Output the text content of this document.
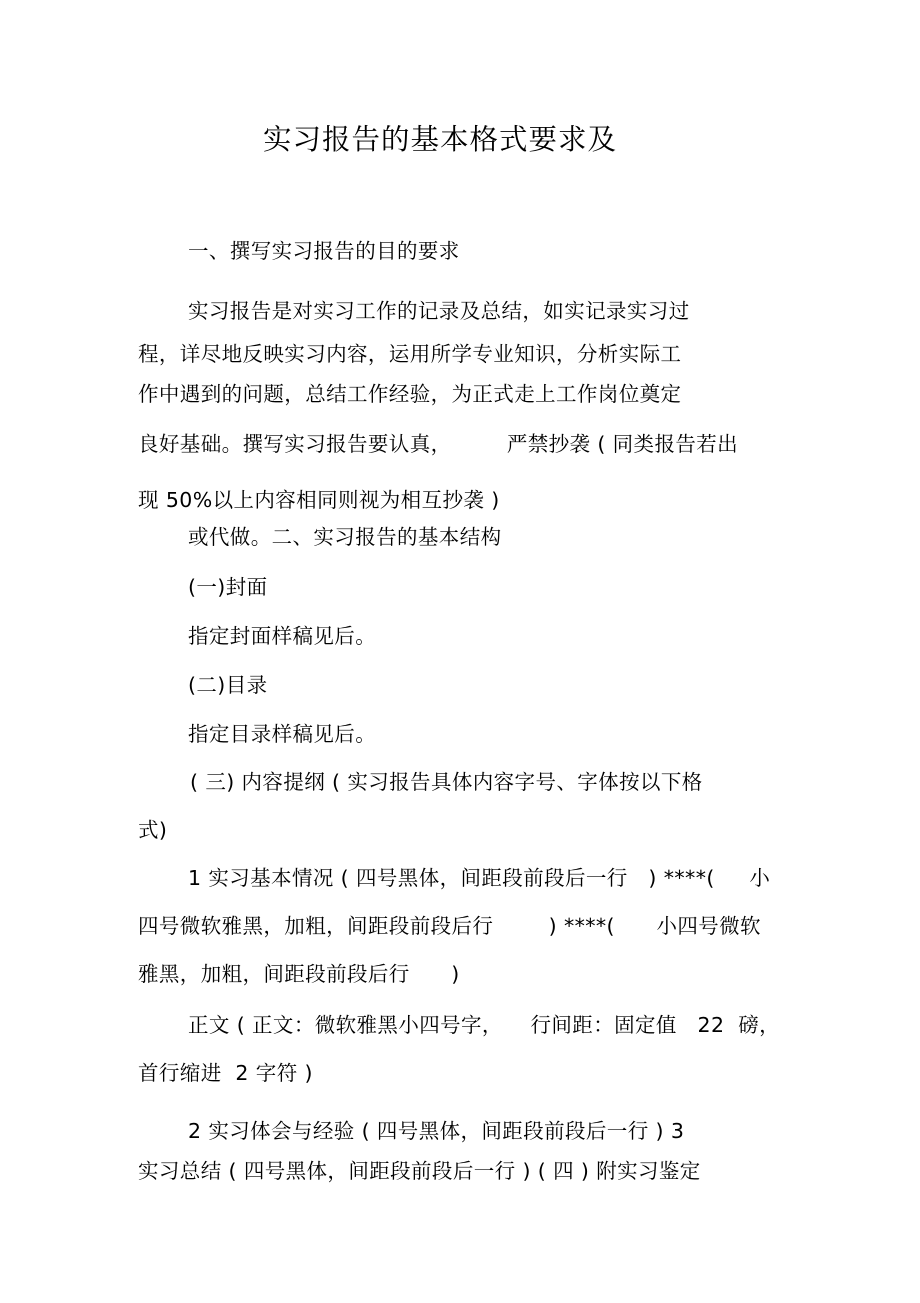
实习报告的基本格式要求及
一、撰写实习报告的目的要求
实习报告是对实习工作的记录及总结，如实记录实习过
程，详尽地反映实习内容，运用所学专业知识，分析实际工
作中遇到的问题，总结工作经验，为正式走上工作岗位奠定
良好基础。撰写实习报告要认真，        严禁抄袭 ( 同类报告若出
现 50%以上内容相同则视为相互抄袭 )
或代做。二、实习报告的基本结构
(一)封面
指定封面样稿见后。
(二)目录
指定目录样稿见后。
( 三) 内容提纲 ( 实习报告具体内容字号、字体按以下格
式)
1 实习基本情况 ( 四号黑体，间距段前段后一行   ) ****(     小
四号微软雅黑，加粗，间距段前段后行        ) ****(      小四号微软
雅黑，加粗，间距段前段后行      )
正文 ( 正文：微软雅黑小四号字，    行间距：固定值   22  磅，
首行缩进  2 字符 )
2 实习体会与经验 ( 四号黑体，间距段前段后一行 ) 3
实习总结 ( 四号黑体，间距段前段后一行 ) ( 四 ) 附实习鉴定
